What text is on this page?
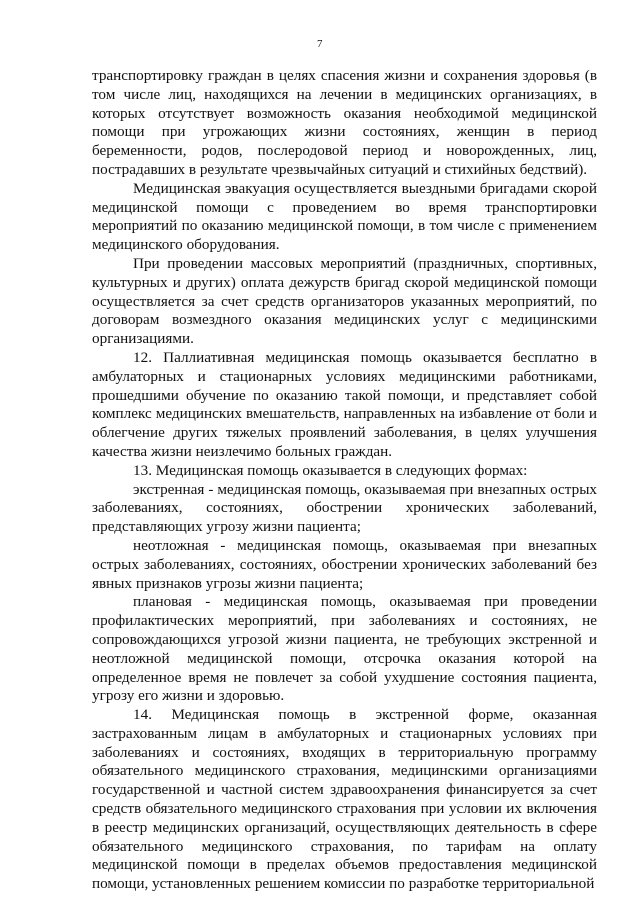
7

транспортировку граждан в целях спасения жизни и сохранения здоровья (в том числе лиц, находящихся на лечении в медицинских организациях, в которых отсутствует возможность оказания необходимой медицинской помощи при угрожающих жизни состояниях, женщин в период беременности, родов, послеродовой период и новорожденных, лиц, пострадавших в результате чрезвычайных ситуаций и стихийных бедствий).

Медицинская эвакуация осуществляется выездными бригадами скорой медицинской помощи с проведением во время транспортировки мероприятий по оказанию медицинской помощи, в том числе с применением медицинского оборудования.

При проведении массовых мероприятий (праздничных, спортивных, культурных и других) оплата дежурств бригад скорой медицинской помощи осуществляется за счет средств организаторов указанных мероприятий, по договорам возмездного оказания медицинских услуг с медицинскими организациями.

12. Паллиативная медицинская помощь оказывается бесплатно в амбулаторных и стационарных условиях медицинскими работниками, прошедшими обучение по оказанию такой помощи, и представляет собой комплекс медицинских вмешательств, направленных на избавление от боли и облегчение других тяжелых проявлений заболевания, в целях улучшения качества жизни неизлечимо больных граждан.

13. Медицинская помощь оказывается в следующих формах:

экстренная - медицинская помощь, оказываемая при внезапных острых заболеваниях, состояниях, обострении хронических заболеваний, представляющих угрозу жизни пациента;

неотложная - медицинская помощь, оказываемая при внезапных острых заболеваниях, состояниях, обострении хронических заболеваний без явных признаков угрозы жизни пациента;

плановая - медицинская помощь, оказываемая при проведении профилактических мероприятий, при заболеваниях и состояниях, не сопровождающихся угрозой жизни пациента, не требующих экстренной и неотложной медицинской помощи, отсрочка оказания которой на определенное время не повлечет за собой ухудшение состояния пациента, угрозу его жизни и здоровью.

14. Медицинская помощь в экстренной форме, оказанная застрахованным лицам в амбулаторных и стационарных условиях при заболеваниях и состояниях, входящих в территориальную программу обязательного медицинского страхования, медицинскими организациями государственной и частной систем здравоохранения финансируется за счет средств обязательного медицинского страхования при условии их включения в реестр медицинских организаций, осуществляющих деятельность в сфере обязательного медицинского страхования, по тарифам на оплату медицинской помощи в пределах объемов предоставления медицинской помощи, установленных решением комиссии по разработке территориальной
